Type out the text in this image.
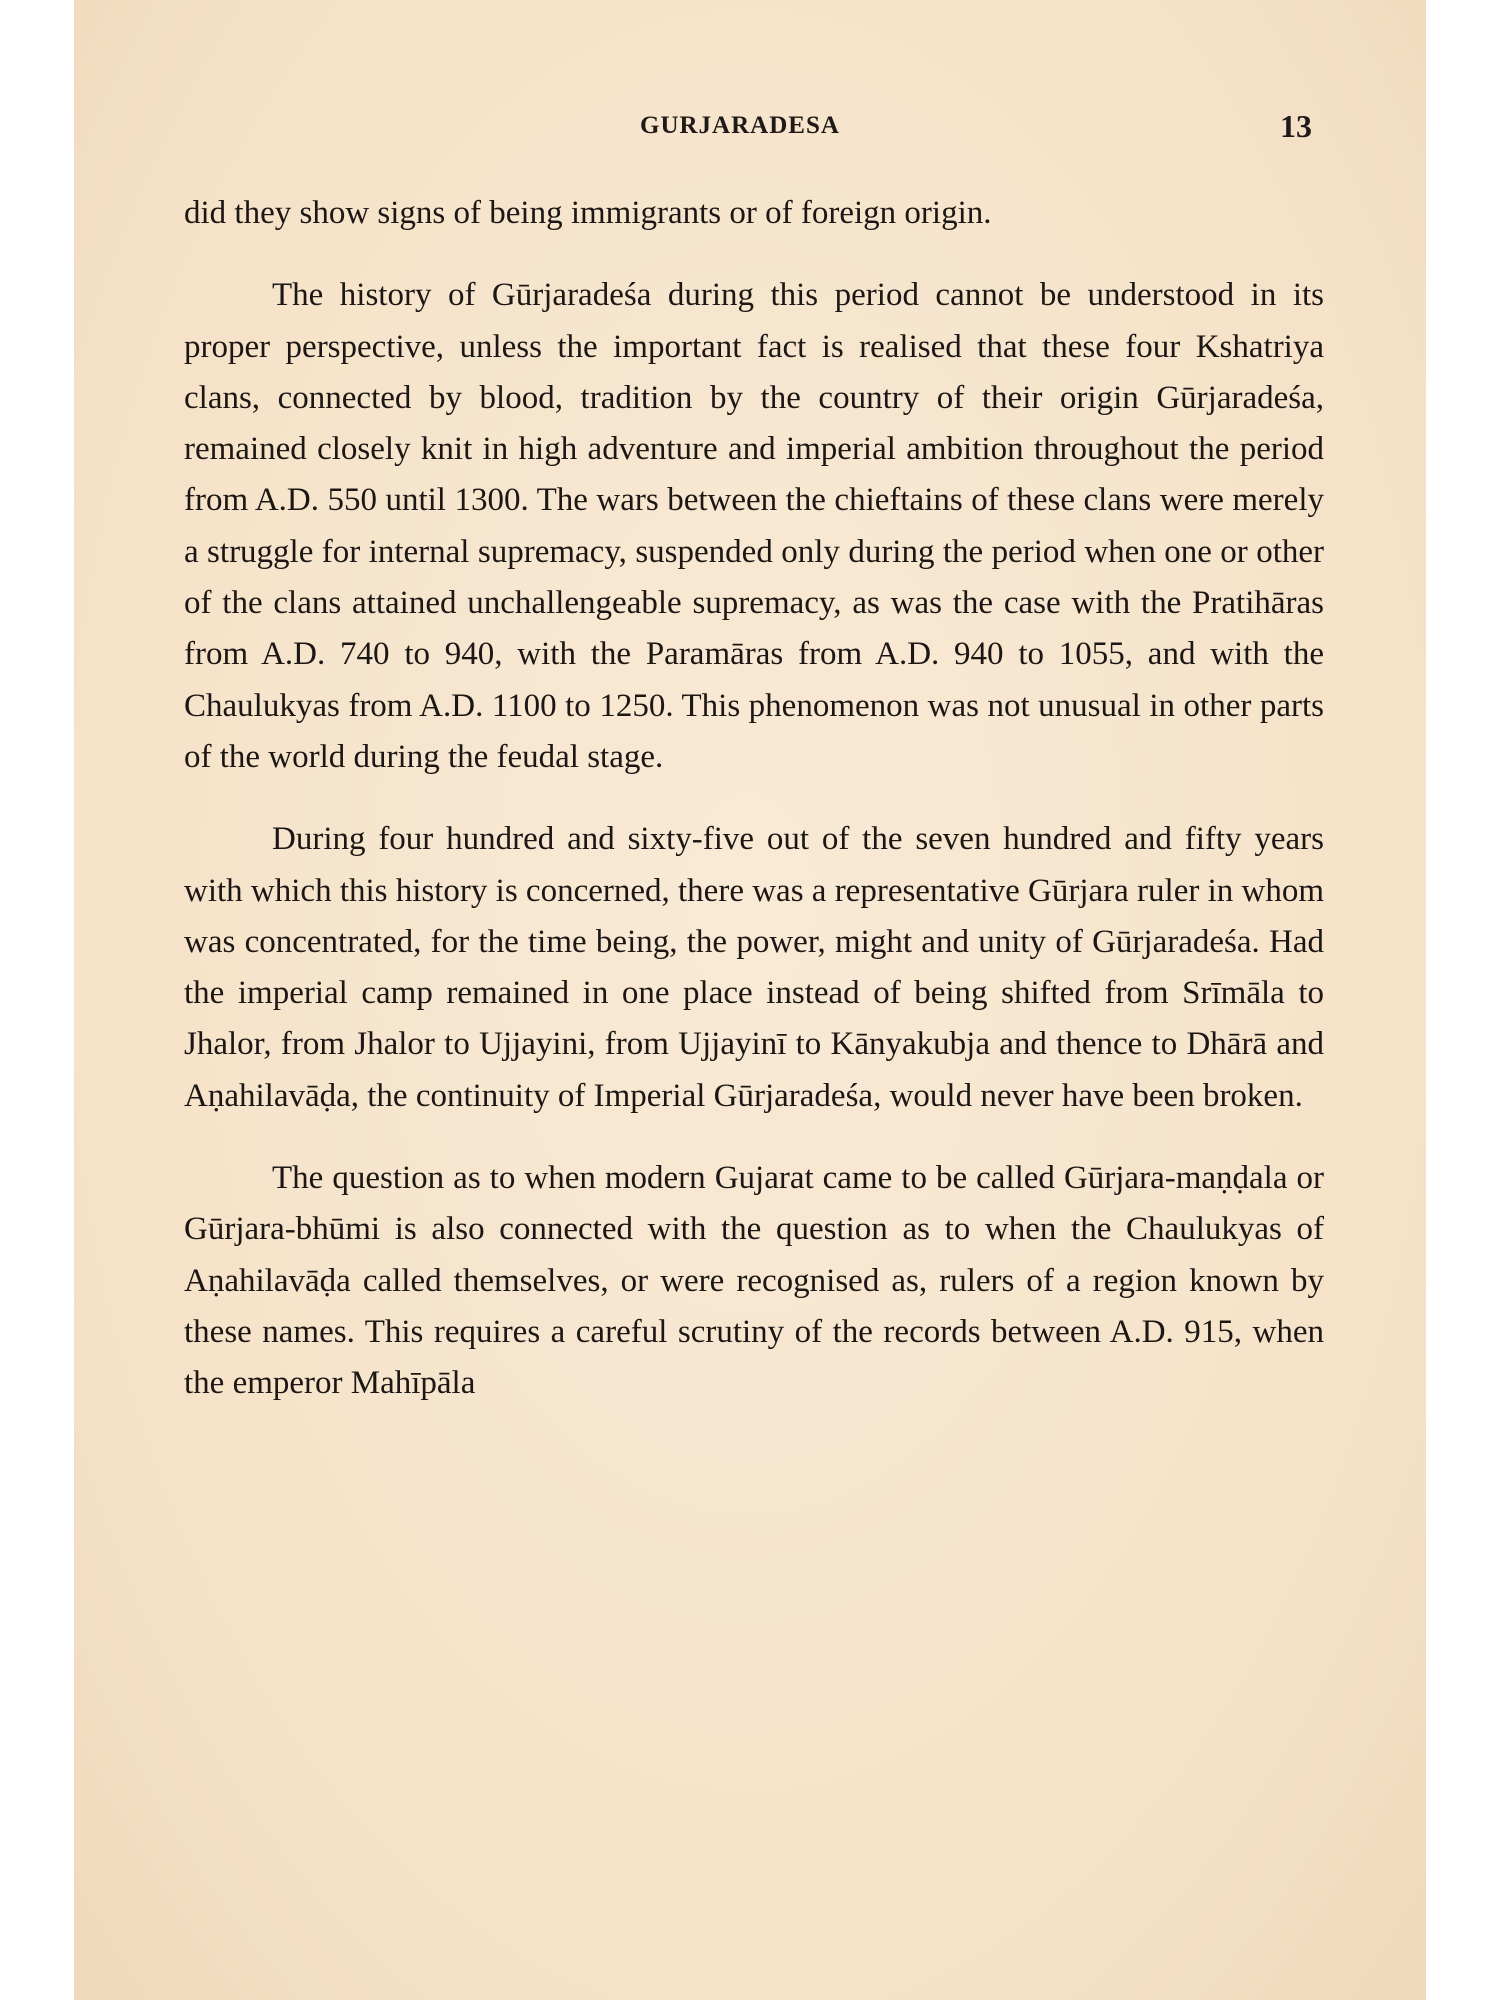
GURJARADESA	13

did they show signs of being immigrants or of foreign origin.

The history of Gūrjaradeśa during this period cannot be understood in its proper perspective, unless the important fact is realised that these four Kshatriya clans, connected by blood, tradition by the country of their origin Gūrjaradeśa, remained closely knit in high adventure and imperial ambition throughout the period from A.D. 550 until 1300. The wars between the chieftains of these clans were merely a struggle for internal supremacy, suspended only during the period when one or other of the clans attained unchallengeable supremacy, as was the case with the Pratihāras from A.D. 740 to 940, with the Paramāras from A.D. 940 to 1055, and with the Chaulukyas from A.D. 1100 to 1250. This phenomenon was not unusual in other parts of the world during the feudal stage.

During four hundred and sixty-five out of the seven hundred and fifty years with which this history is concerned, there was a representative Gūrjara ruler in whom was concentrated, for the time being, the power, might and unity of Gūrjaradeśa. Had the imperial camp remained in one place instead of being shifted from Srīmāla to Jhalor, from Jhalor to Ujjayini, from Ujjayinī to Kānyakubja and thence to Dhārā and Aṇahilavāḍa, the continuity of Imperial Gūrjaradeśa, would never have been broken.

The question as to when modern Gujarat came to be called Gūrjara-maṇḍala or Gūrjara-bhūmi is also connected with the question as to when the Chaulukyas of Aṇahilavāḍa called themselves, or were recognised as, rulers of a region known by these names. This requires a careful scrutiny of the records between A.D. 915, when the emperor Mahīpāla
